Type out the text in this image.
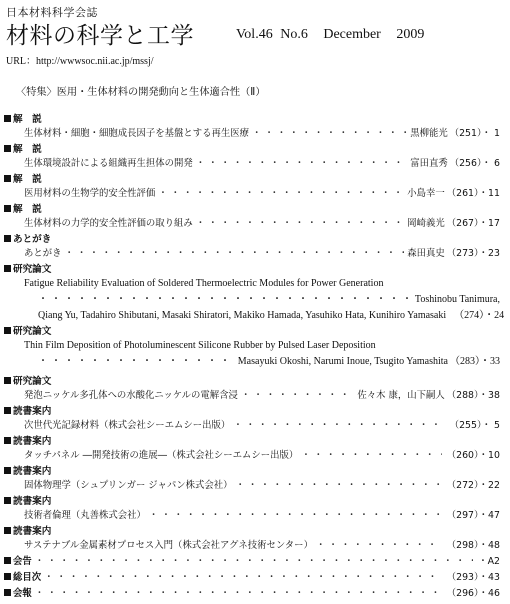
日本材料科学会誌
材料の科学と工学	Vol.46 No.6 December 2009
URL：http://wwwsoc.nii.ac.jp/mssj/
〈特集〉医用・生体材料の開発動向と生体適合性（Ⅱ）
解　説
生体材料・細胞・細胞成長因子を基盤とする再生医療 ・・・・・・・・・・・・・・・・・・・・・・・・・・・・・・・・・・・・・・・・・・・・・・・・・・・・・・・・・・・・・・・・	黒柳能光 （251）・ 1
解　説
生体環境設計による組織再生担体の開発 ・・・・・・・・・・・・・・・・・・・・・・・・・・・・・・・・・・・・・・・・・・・・・・・・・・・・・・・・・・・・・・・・	富田直秀 （256）・ 6
解　説
医用材料の生物学的安全性評価 ・・・・・・・・・・・・・・・・・・・・・・・・・・・・・・・・・・・・・・・・・・・・・・・・・・・・・・・・・・・・・・・・	小島幸一 （261）・11
解　説
生体材料の力学的安全性評価の取り組み ・・・・・・・・・・・・・・・・・・・・・・・・・・・・・・・・・・・・・・・・・・・・・・・・・・・・・・・・・・・・・・・・	岡崎義光 （267）・17
あとがき
あとがき ・・・・・・・・・・・・・・・・・・・・・・・・・・・・・・・・・・・・・・・・・・・・・・・・・・・・・・・・・・・・・・・・	森田真史 （273）・23
研究論文
Fatigue Reliability Evaluation of Soldered Thermoelectric Modules for Power Generation
・・・・・・・・・・・・・・・・・・・・・・・・・・・・・・・・・・・・・・・・・・・・・・・・・・・・・・・・・・・・・・・・
Toshinobu Tanimura,
Qiang Yu, Tadahiro Shibutani, Masaki Shiratori, Makiko Hamada, Yasuhiko Hata, Kunihiro Yamasaki （274）・24
研究論文
Thin Film Deposition of Photoluminescent Silicone Rubber by Pulsed Laser Deposition
・・・・・・・・・・・・・・・・・・・・・・・・・・・・・・・・・・・・・・・・・・・・・・・・・・・・・・・・・・・・・・・・
Masayuki Okoshi, Narumi Inoue, Tsugito Yamashita （283）・33
研究論文
発泡ニッケル多孔体への水酸化ニッケルの電解含浸 ・・・・・・・・・・・・・・・・・・・・・・・・・・・・・・・・・・・・・・・・・・・・・・・・・・・・・・・・・・・・・・・・	佐々木 康，山下嗣人 （288）・38
読書案内
次世代光記録材料（株式会社シーエムシー出版） ・・・・・・・・・・・・・・・・・・・・・・・・・・・・・・・・・・・・・・・・・・・・・・・・・・・・・・・・・・・・・・・・	（255）・ 5
読書案内
タッチパネル ―開発技術の進展―（株式会社シーエムシー出版） ・・・・・・・・・・・・・・・・・・・・・・・・・・・・・・・・・・・・・・・・・・・・・・・・・・・・・・・・・・・・・・・・	（260）・10
読書案内
固体物理学（シュプリンガー ジャパン株式会社） ・・・・・・・・・・・・・・・・・・・・・・・・・・・・・・・・・・・・・・・・・・・・・・・・・・・・・・・・・・・・・・・・	（272）・22
読書案内
技術者倫理（丸善株式会社） ・・・・・・・・・・・・・・・・・・・・・・・・・・・・・・・・・・・・・・・・・・・・・・・・・・・・・・・・・・・・・・・・	（297）・47
読書案内
サステナブル金属素材プロセス入門（株式会社アグネ技術センター） ・・・・・・・・・・・・・・・・・・・・・・・・・・・・・・・・・・・・・・・・・・・・・・・・・・・・・・・・・・・・・・・・	（298）・48
会告 ・・・・・・・・・・・・・・・・・・・・・・・・・・・・・・・・・・・・・・・・・・・・・・・・・・・・・・・・・・・・・・・・	・A2
総目次 ・・・・・・・・・・・・・・・・・・・・・・・・・・・・・・・・・・・・・・・・・・・・・・・・・・・・・・・・・・・・・・・・	（293）・43
会報 ・・・・・・・・・・・・・・・・・・・・・・・・・・・・・・・・・・・・・・・・・・・・・・・・・・・・・・・・・・・・・・・・	（296）・46
